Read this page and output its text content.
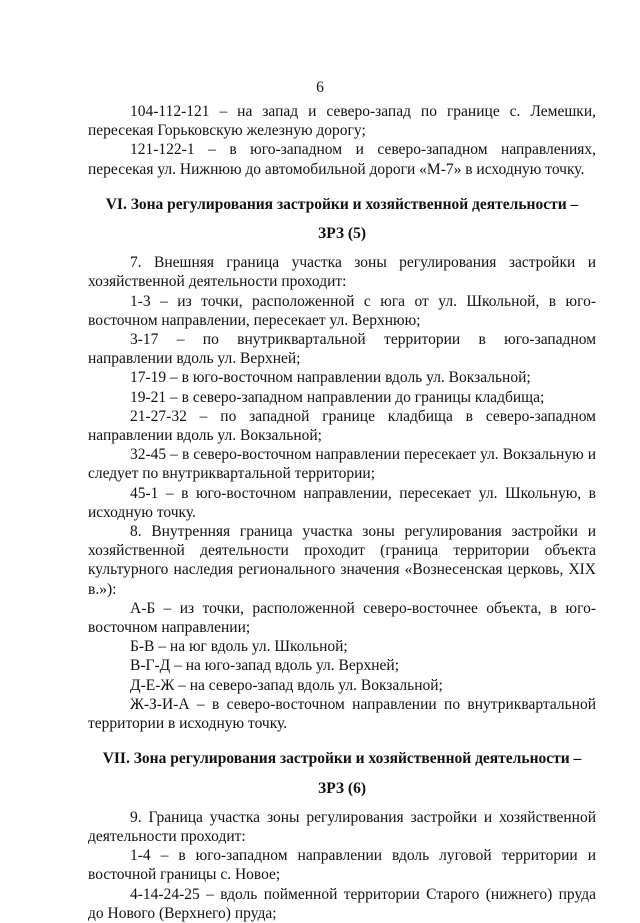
6

104-112-121 – на запад и северо-запад по границе с. Лемешки, пересекая Горьковскую железную дорогу;

121-122-1 – в юго-западном и северо-западном направлениях, пересекая ул. Нижнюю до автомобильной дороги «М-7» в исходную точку.

VI. Зона регулирования застройки и хозяйственной деятельности –

ЗРЗ (5)

7. Внешняя граница участка зоны регулирования застройки и хозяйственной деятельности проходит:

1-3 – из точки, расположенной с юга от ул. Школьной, в юго-восточном направлении, пересекает ул. Верхнюю;

3-17 – по внутриквартальной территории в юго-западном направлении вдоль ул. Верхней;

17-19 – в юго-восточном направлении вдоль ул. Вокзальной;

19-21 – в северо-западном направлении до границы кладбища;

21-27-32 – по западной границе кладбища в северо-западном направлении вдоль ул. Вокзальной;

32-45 – в северо-восточном направлении пересекает ул. Вокзальную и следует по внутриквартальной территории;

45-1 – в юго-восточном направлении, пересекает ул. Школьную, в исходную точку.

8. Внутренняя граница участка зоны регулирования застройки и хозяйственной деятельности проходит (граница территории объекта культурного наследия регионального значения «Вознесенская церковь, XIX в.»):

А-Б – из точки, расположенной северо-восточнее объекта, в юго-восточном направлении;

Б-В – на юг вдоль ул. Школьной;

В-Г-Д – на юго-запад вдоль ул. Верхней;

Д-Е-Ж – на северо-запад вдоль ул. Вокзальной;

Ж-З-И-А – в северо-восточном направлении по внутриквартальной территории в исходную точку.

VII. Зона регулирования застройки и хозяйственной деятельности –

ЗРЗ (6)

9. Граница участка зоны регулирования застройки и хозяйственной деятельности проходит:

1-4 – в юго-западном направлении вдоль луговой территории и восточной границы с. Новое;

4-14-24-25 – вдоль пойменной территории Старого (нижнего) пруда до Нового (Верхнего) пруда;
